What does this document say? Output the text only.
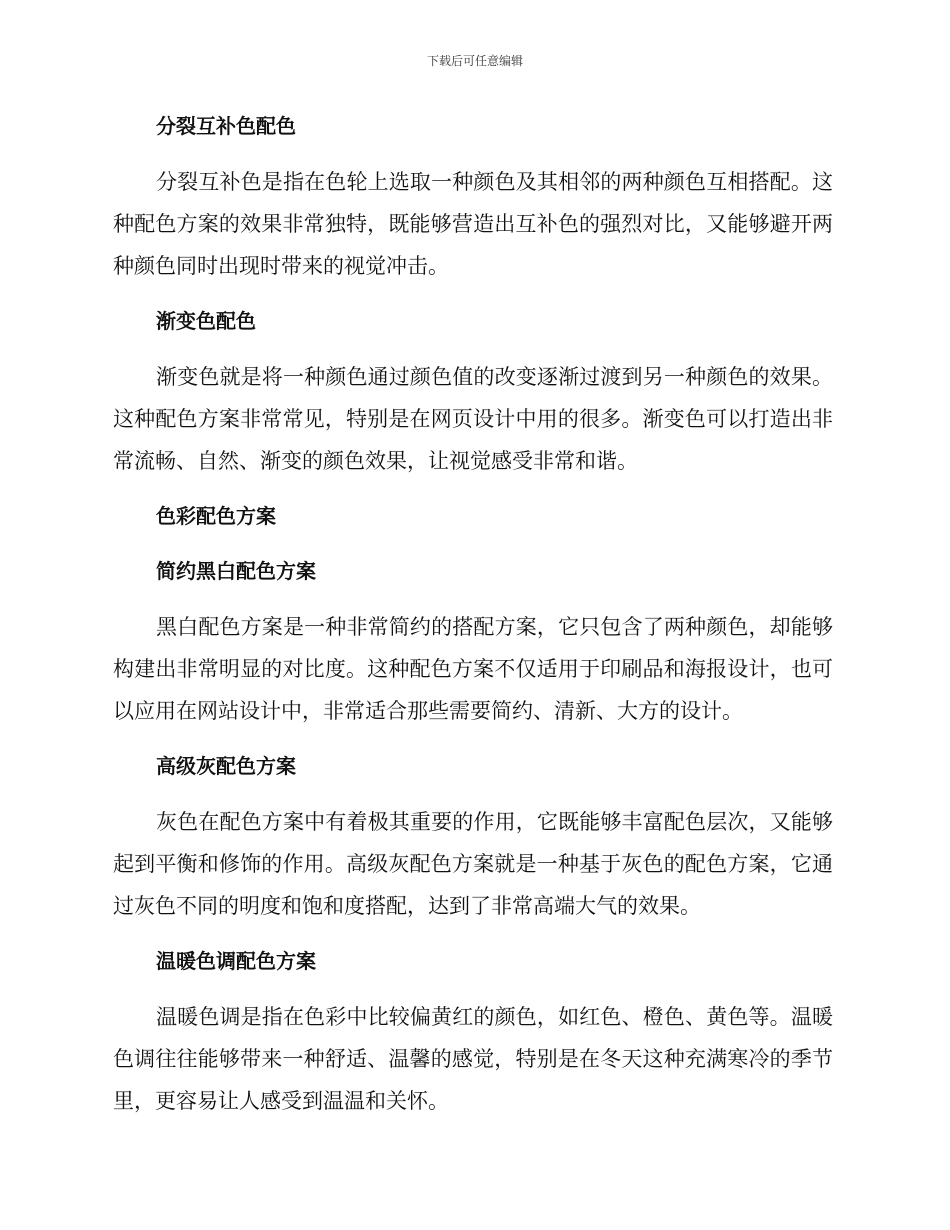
下载后可任意编辑
分裂互补色配色

分裂互补色是指在色轮上选取一种颜色及其相邻的两种颜色互相搭配。这种配色方案的效果非常独特，既能够营造出互补色的强烈对比，又能够避开两种颜色同时出现时带来的视觉冲击。

渐变色配色

渐变色就是将一种颜色通过颜色值的改变逐渐过渡到另一种颜色的效果。这种配色方案非常常见，特别是在网页设计中用的很多。渐变色可以打造出非常流畅、自然、渐变的颜色效果，让视觉感受非常和谐。

色彩配色方案
简约黑白配色方案

黑白配色方案是一种非常简约的搭配方案，它只包含了两种颜色，却能够构建出非常明显的对比度。这种配色方案不仅适用于印刷品和海报设计，也可以应用在网站设计中，非常适合那些需要简约、清新、大方的设计。

高级灰配色方案

灰色在配色方案中有着极其重要的作用，它既能够丰富配色层次，又能够起到平衡和修饰的作用。高级灰配色方案就是一种基于灰色的配色方案，它通过灰色不同的明度和饱和度搭配，达到了非常高端大气的效果。

温暖色调配色方案

温暖色调是指在色彩中比较偏黄红的颜色，如红色、橙色、黄色等。温暖色调往往能够带来一种舒适、温馨的感觉，特别是在冬天这种充满寒冷的季节里，更容易让人感受到温温和关怀。
